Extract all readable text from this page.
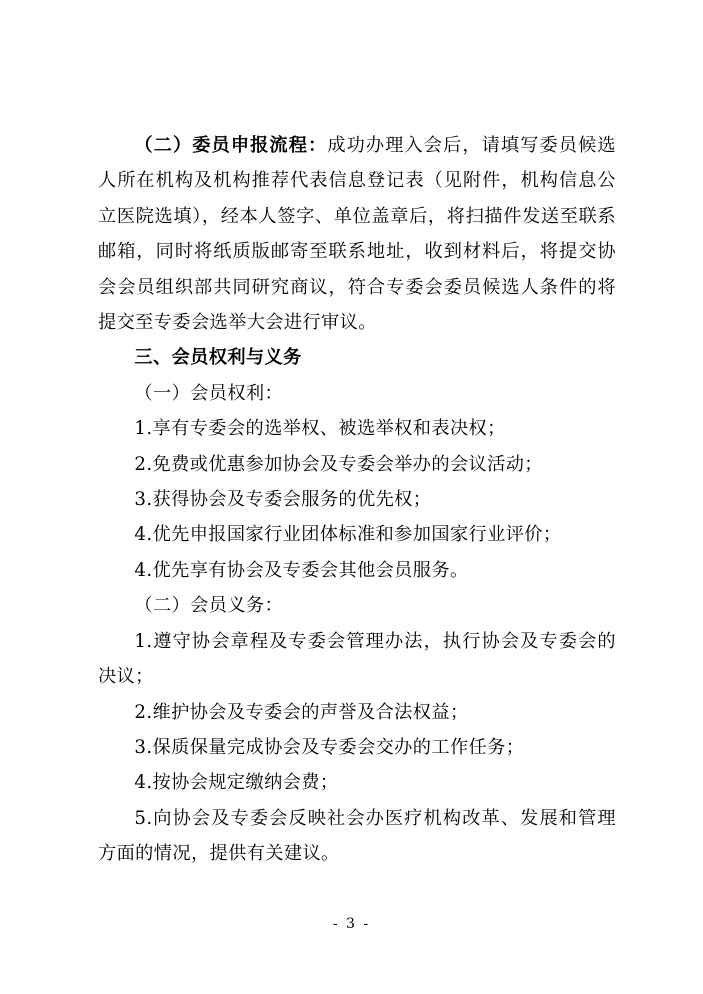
（二）委员申报流程：成功办理入会后，请填写委员候选人所在机构及机构推荐代表信息登记表（见附件，机构信息公立医院选填），经本人签字、单位盖章后，将扫描件发送至联系邮箱，同时将纸质版邮寄至联系地址，收到材料后，将提交协会会员组织部共同研究商议，符合专委会委员候选人条件的将提交至专委会选举大会进行审议。

三、会员权利与义务

（一）会员权利：

1.享有专委会的选举权、被选举权和表决权；

2.免费或优惠参加协会及专委会举办的会议活动；

3.获得协会及专委会服务的优先权；

4.优先申报国家行业团体标准和参加国家行业评价；

4.优先享有协会及专委会其他会员服务。

（二）会员义务：

1.遵守协会章程及专委会管理办法，执行协会及专委会的决议；

2.维护协会及专委会的声誉及合法权益；

3.保质保量完成协会及专委会交办的工作任务；

4.按协会规定缴纳会费；

5.向协会及专委会反映社会办医疗机构改革、发展和管理方面的情况，提供有关建议。

- 3 -
